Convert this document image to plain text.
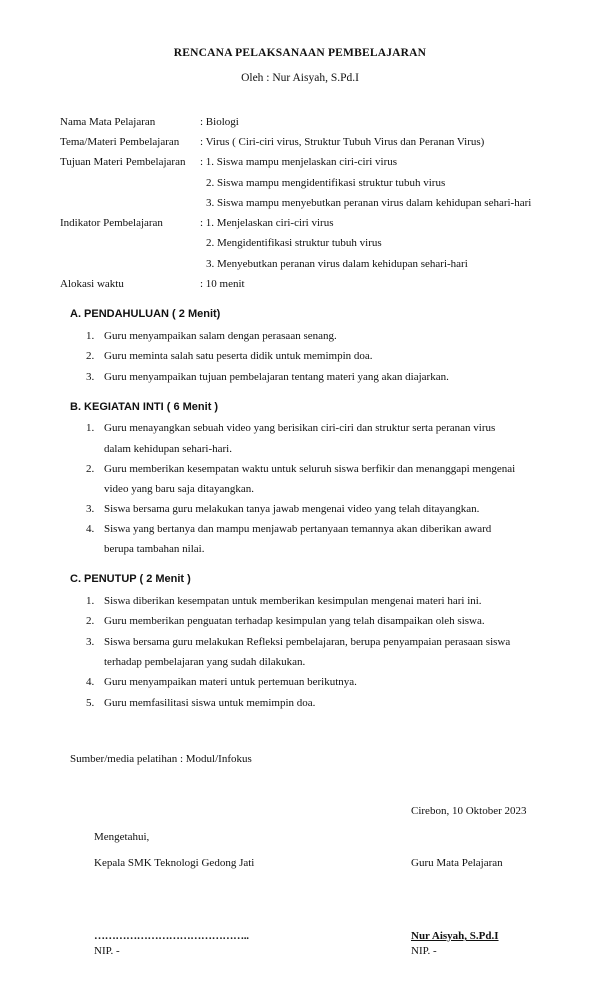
RENCANA PELAKSANAAN PEMBELAJARAN
Oleh : Nur Aisyah, S.Pd.I
Nama Mata Pelajaran	: Biologi
Tema/Materi Pembelajaran : Virus ( Ciri-ciri virus, Struktur Tubuh Virus dan Peranan Virus)
Tujuan Materi Pembelajaran : 1. Siswa mampu menjelaskan ciri-ciri virus
2. Siswa mampu mengidentifikasi struktur tubuh virus
3. Siswa mampu menyebutkan peranan virus dalam kehidupan sehari-hari
Indikator Pembelajaran	: 1. Menjelaskan ciri-ciri virus
2. Mengidentifikasi struktur tubuh virus
3. Menyebutkan peranan virus dalam kehidupan sehari-hari
Alokasi waktu	: 10 menit
A. PENDAHULUAN ( 2 Menit)
1. Guru menyampaikan salam dengan perasaan senang.
2. Guru meminta salah satu peserta didik untuk memimpin doa.
3. Guru menyampaikan tujuan pembelajaran tentang materi yang akan diajarkan.
B. KEGIATAN INTI ( 6 Menit )
1. Guru menayangkan sebuah video yang berisikan ciri-ciri dan struktur serta peranan virus
dalam kehidupan sehari-hari.
2. Guru memberikan kesempatan waktu untuk seluruh siswa berfikir dan menanggapi mengenai
video yang baru saja ditayangkan.
3. Siswa bersama guru melakukan tanya jawab mengenai video yang telah ditayangkan.
4. Siswa yang bertanya dan mampu menjawab pertanyaan temannya akan diberikan award
berupa tambahan nilai.
C. PENUTUP ( 2 Menit )
1. Siswa diberikan kesempatan untuk memberikan kesimpulan mengenai materi hari ini.
2. Guru memberikan penguatan terhadap kesimpulan yang telah disampaikan oleh siswa.
3. Siswa bersama guru melakukan Refleksi pembelajaran, berupa penyampaian perasaan siswa
terhadap pembelajaran yang sudah dilakukan.
4. Guru menyampaikan materi untuk pertemuan berikutnya.
5. Guru memfasilitasi siswa untuk memimpin doa.
Sumber/media pelatihan : Modul/Infokus
Cirebon, 10 Oktober 2023
Mengetahui,
Kepala SMK Teknologi Gedong Jati	Guru Mata Pelajaran
……………………………………..	Nur Aisyah, S.Pd.I
NIP. -	NIP. -
